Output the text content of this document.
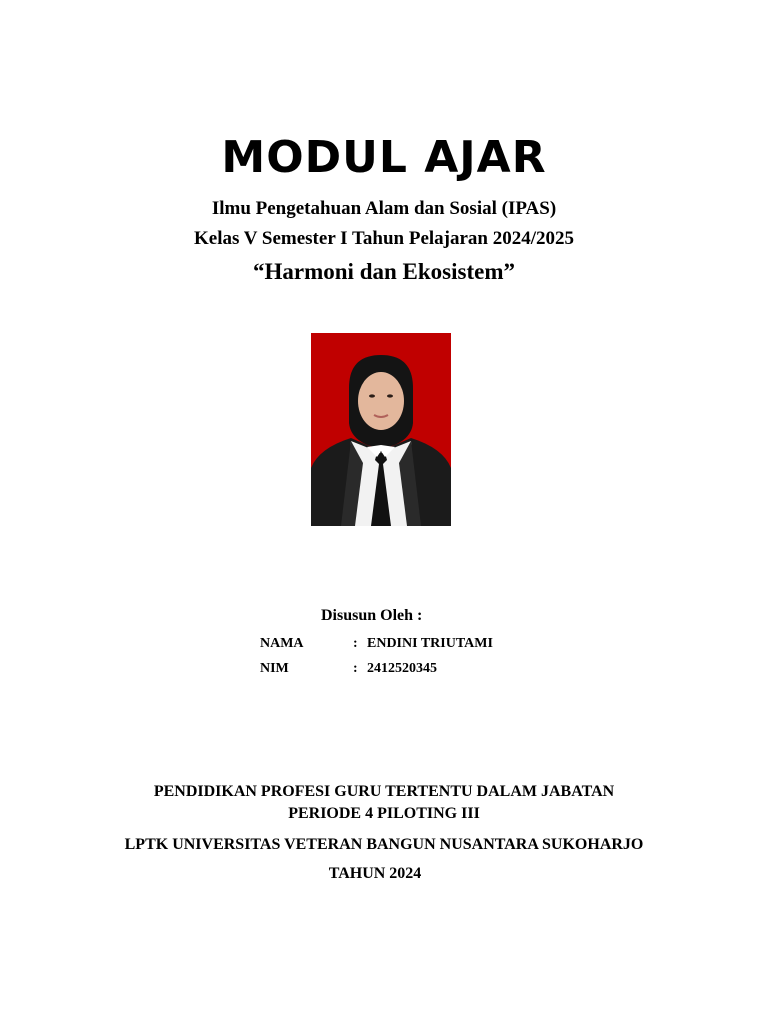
MODUL AJAR
Ilmu Pengetahuan Alam dan Sosial (IPAS)
Kelas V Semester I Tahun Pelajaran 2024/2025
“Harmoni dan Ekosistem”
Disusun Oleh :
NAMA	: ENDINI TRIUTAMI
NIM	: 2412520345
PENDIDIKAN PROFESI GURU TERTENTU DALAM JABATAN
PERIODE 4 PILOTING III
LPTK UNIVERSITAS VETERAN BANGUN NUSANTARA SUKOHARJO
TAHUN 2024
